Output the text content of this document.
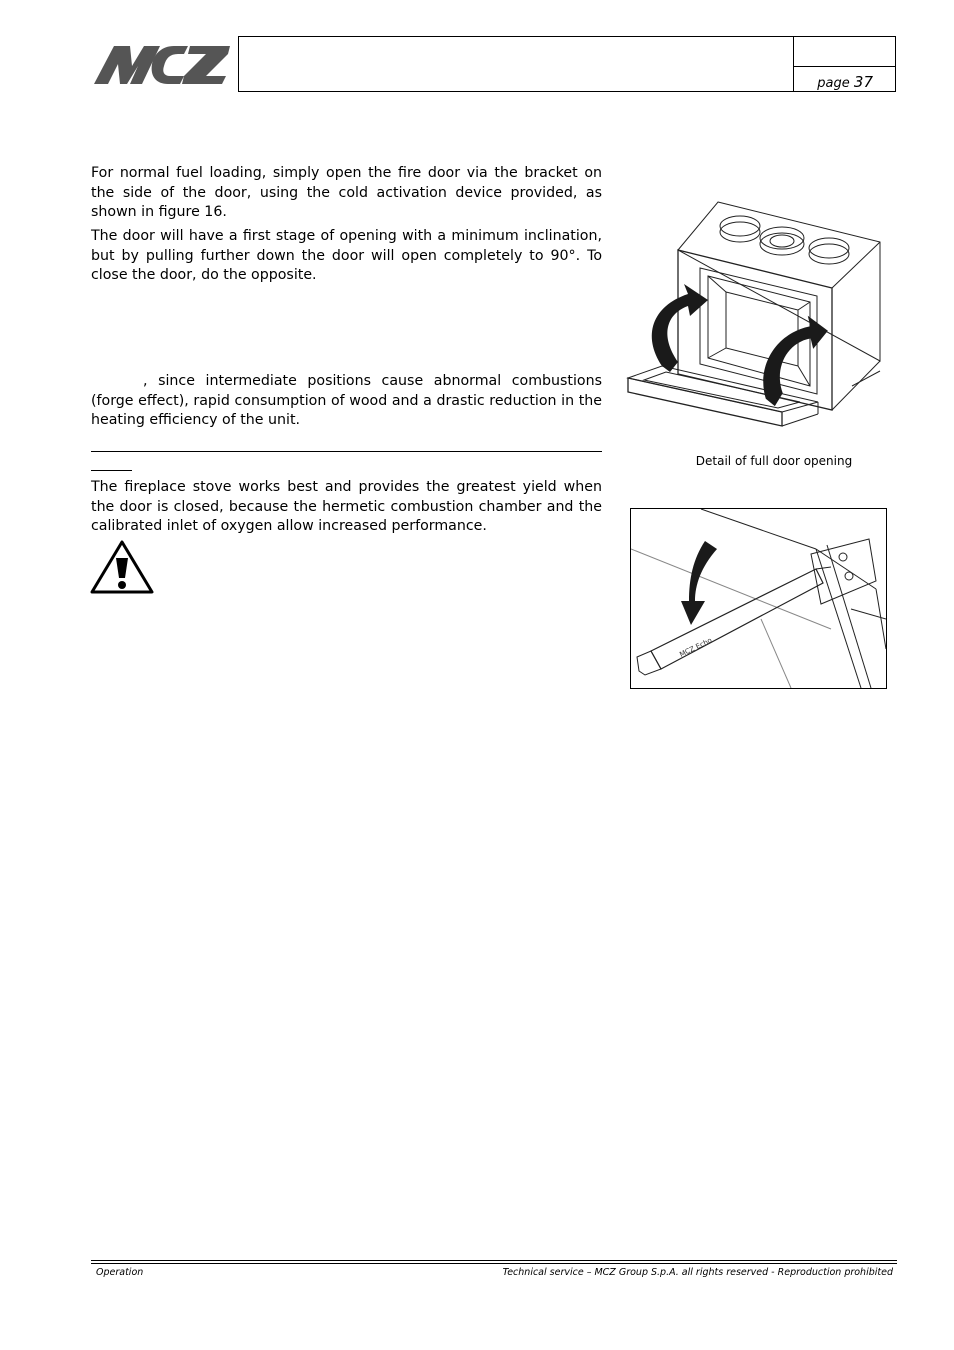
page 37

For normal fuel loading, simply open the fire door via the bracket on the side of the door, using the cold activation device provided, as shown in figure 16.

The door will have a first stage of opening with a minimum inclination, but by pulling further down the door will open completely to 90°. To close the door, do the opposite.

, since intermediate positions cause abnormal combustions (forge effect), rapid consumption of wood and a drastic reduction in the heating efficiency of the unit.

The fireplace stove works best and provides the greatest yield when the door is closed, because the hermetic combustion chamber and the calibrated inlet of oxygen allow increased performance.

Detail of full door opening
MCZ Echo
Operation	Technical service – MCZ Group S.p.A. all rights reserved - Reproduction prohibited
